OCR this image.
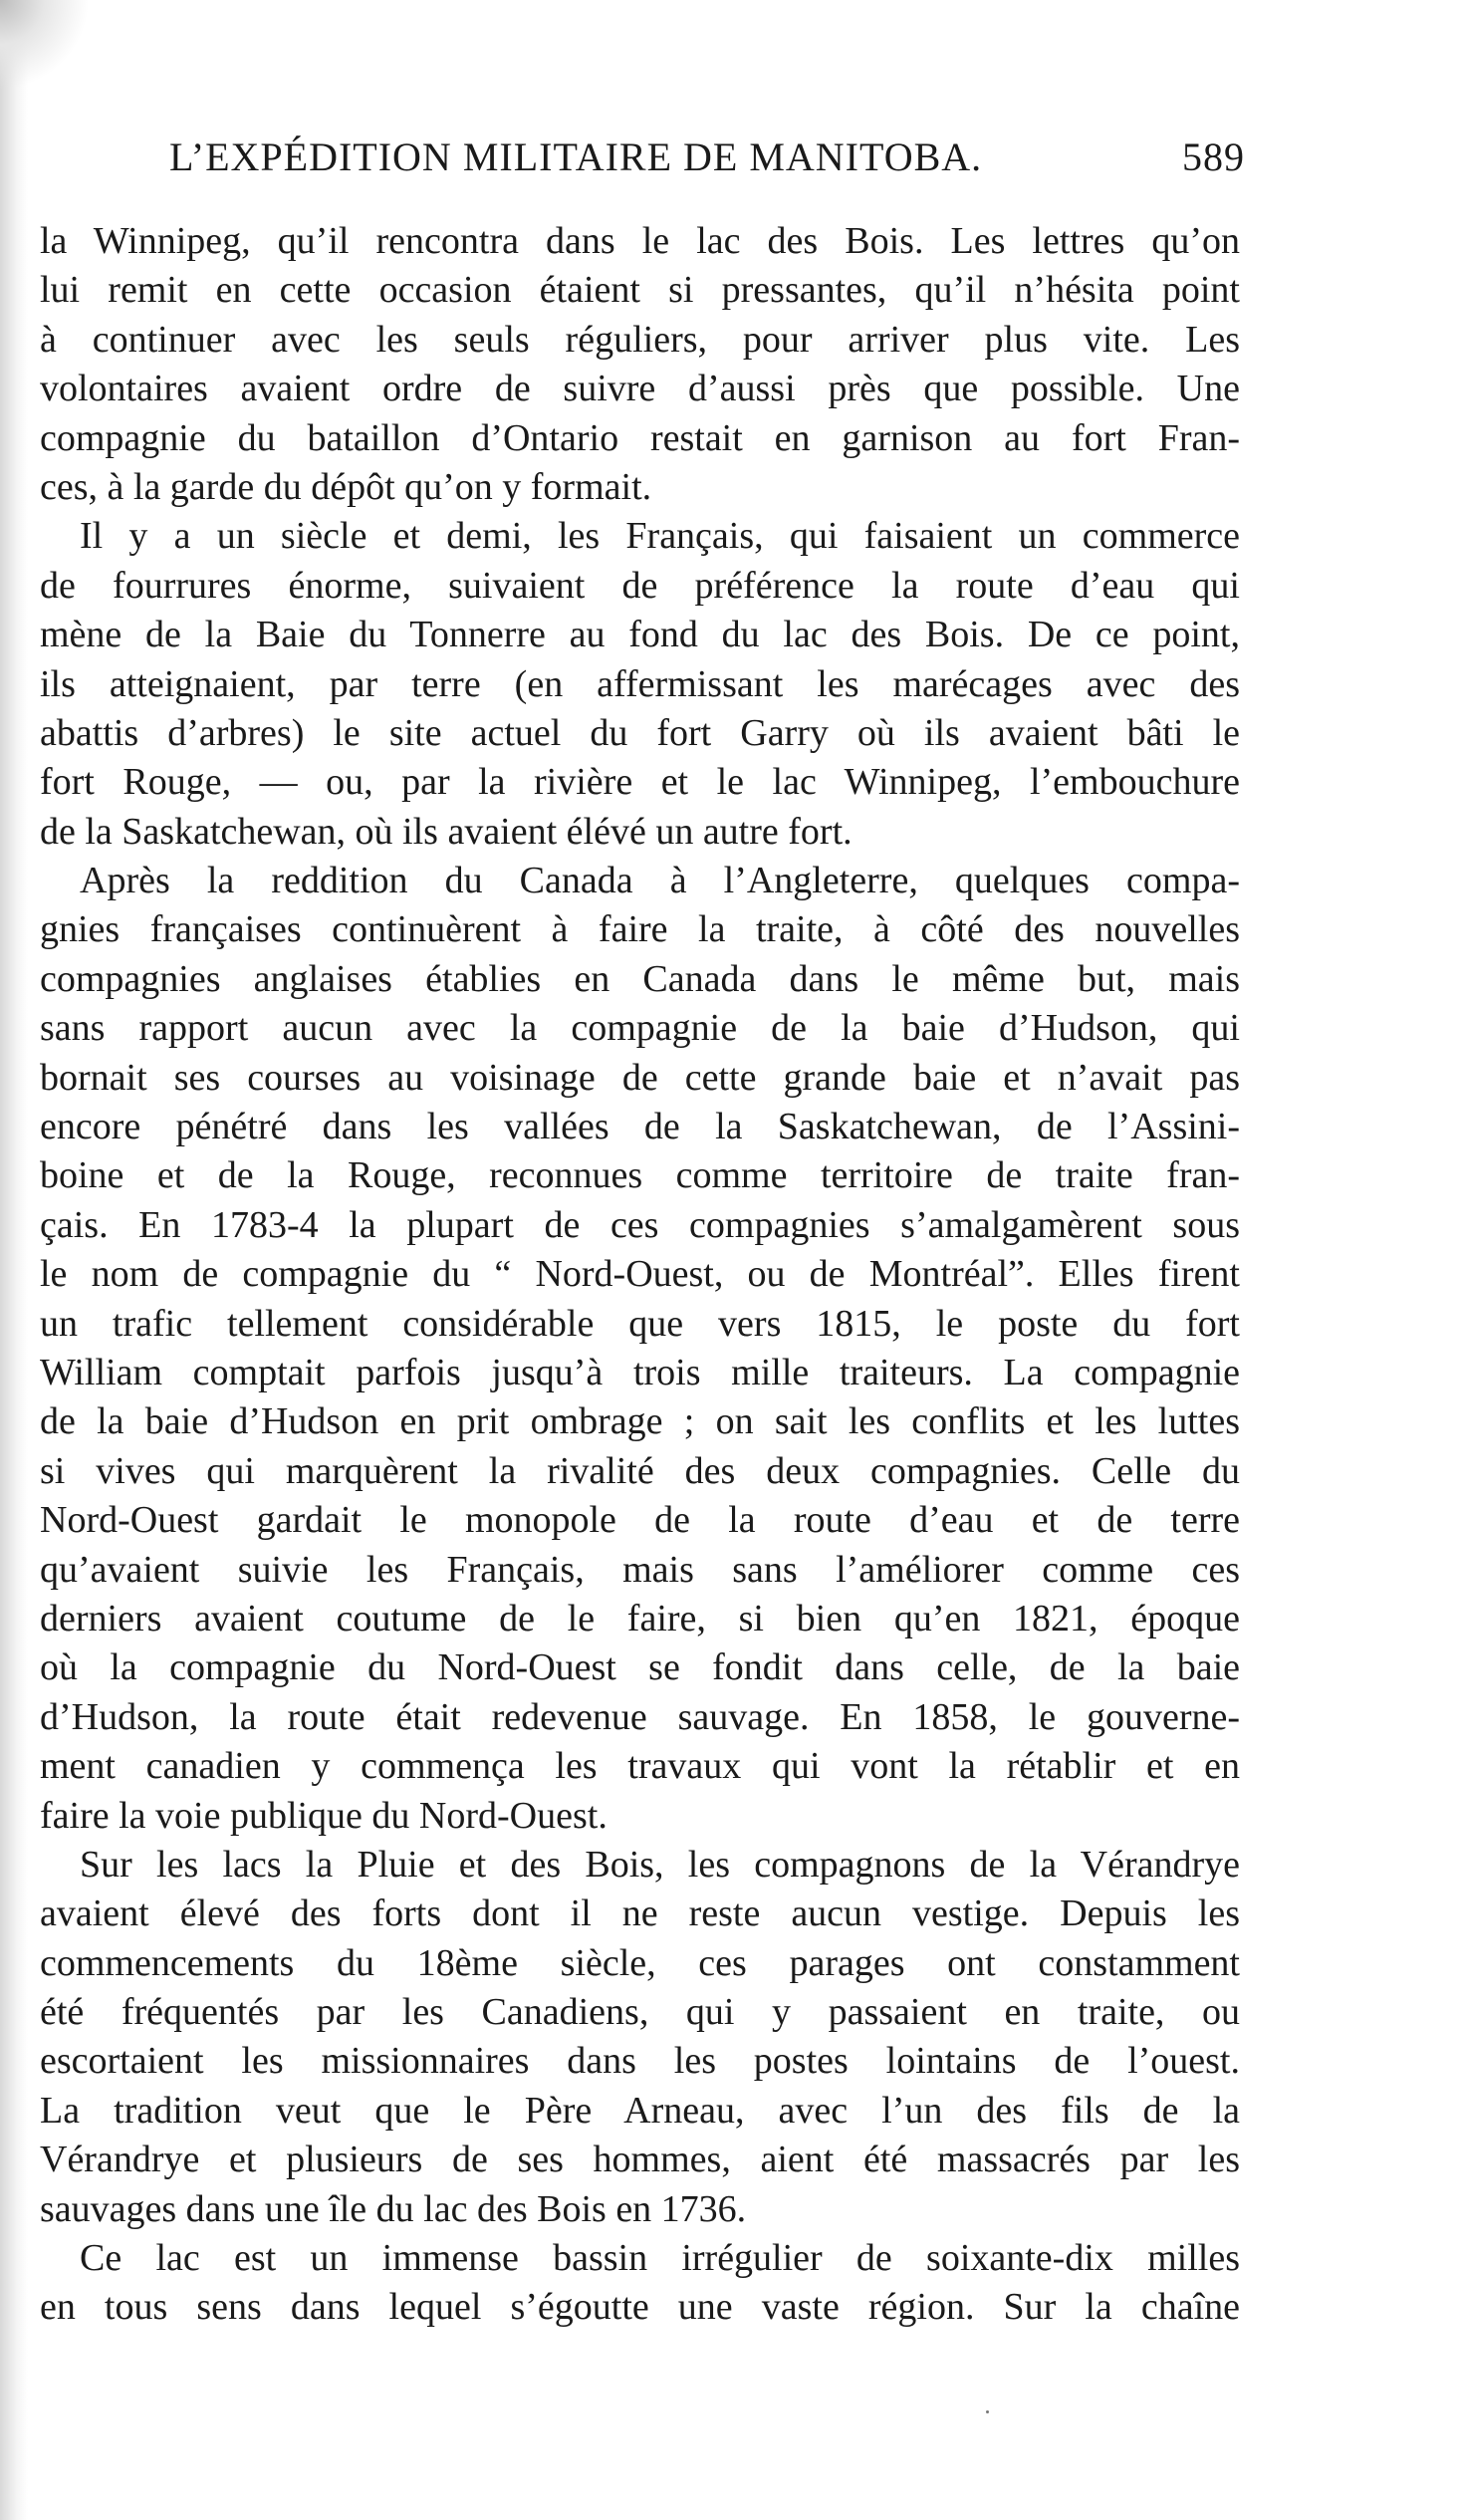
L’EXPÉDITION MILITAIRE DE MANITOBA.	589
la Winnipeg, qu’il rencontra dans le lac des Bois. Les lettres qu’on
lui remit en cette occasion étaient si pressantes, qu’il n’hésita point
à continuer avec les seuls réguliers, pour arriver plus vite. Les
volontaires avaient ordre de suivre d’aussi près que possible. Une
compagnie du bataillon d’Ontario restait en garnison au fort Fran-
ces, à la garde du dépôt qu’on y formait.
Il y a un siècle et demi, les Français, qui faisaient un commerce
de fourrures énorme, suivaient de préférence la route d’eau qui
mène de la Baie du Tonnerre au fond du lac des Bois. De ce point,
ils atteignaient, par terre (en affermissant les marécages avec des
abattis d’arbres) le site actuel du fort Garry où ils avaient bâti le
fort Rouge, — ou, par la rivière et le lac Winnipeg, l’embouchure
de la Saskatchewan, où ils avaient élévé un autre fort.
Après la reddition du Canada à l’Angleterre, quelques compa-
gnies françaises continuèrent à faire la traite, à côté des nouvelles
compagnies anglaises établies en Canada dans le même but, mais
sans rapport aucun avec la compagnie de la baie d’Hudson, qui
bornait ses courses au voisinage de cette grande baie et n’avait pas
encore pénétré dans les vallées de la Saskatchewan, de l’Assini-
boine et de la Rouge, reconnues comme territoire de traite fran-
çais. En 1783-4 la plupart de ces compagnies s’amalgamèrent sous
le nom de compagnie du “ Nord-Ouest, ou de Montréal”. Elles firent
un trafic tellement considérable que vers 1815, le poste du fort
William comptait parfois jusqu’à trois mille traiteurs. La compagnie
de la baie d’Hudson en prit ombrage ; on sait les conflits et les luttes
si vives qui marquèrent la rivalité des deux compagnies. Celle du
Nord-Ouest gardait le monopole de la route d’eau et de terre
qu’avaient suivie les Français, mais sans l’améliorer comme ces
derniers avaient coutume de le faire, si bien qu’en 1821, époque
où la compagnie du Nord-Ouest se fondit dans celle, de la baie
d’Hudson, la route était redevenue sauvage. En 1858, le gouverne-
ment canadien y commença les travaux qui vont la rétablir et en
faire la voie publique du Nord-Ouest.
Sur les lacs la Pluie et des Bois, les compagnons de la Vérandrye
avaient élevé des forts dont il ne reste aucun vestige. Depuis les
commencements du 18ème siècle, ces parages ont constamment
été fréquentés par les Canadiens, qui y passaient en traite, ou
escortaient les missionnaires dans les postes lointains de l’ouest.
La tradition veut que le Père Arneau, avec l’un des fils de la
Vérandrye et plusieurs de ses hommes, aient été massacrés par les
sauvages dans une île du lac des Bois en 1736.
Ce lac est un immense bassin irrégulier de soixante-dix milles
en tous sens dans lequel s’égoutte une vaste région. Sur la chaîne
